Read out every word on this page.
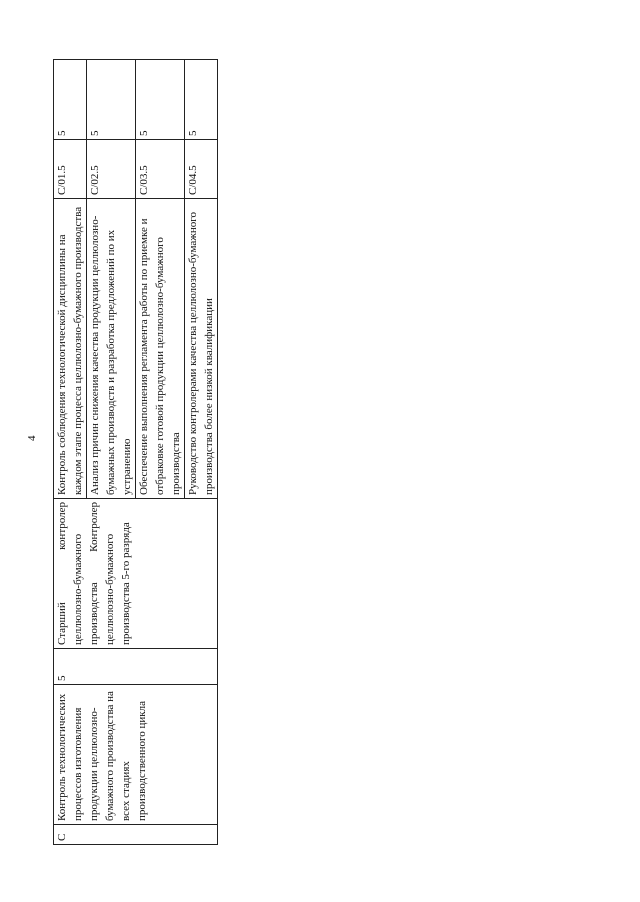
4
C	Контроль технологических процессов изготовления продукции целлюлозно-бумажного производства на всех стадиях производственного цикла	5	Старший контролер целлюлозно-бумажного производства Контролер целлюлозно-бумажного производства 5-го разряда	Контроль соблюдения технологической дисциплины на каждом этапе процесса целлюлозно-бумажного производства	C/01.5	5
				Анализ причин снижения качества продукции целлюлозно-бумажных производств и разработка предложений по их устранению	C/02.5	5
				Обеспечение выполнения регламента работы по приемке и отбраковке готовой продукции целлюлозно-бумажного производства	C/03.5	5
				Руководство контролерами качества целлюлозно-бумажного производства более низкой квалификации	C/04.5	5
